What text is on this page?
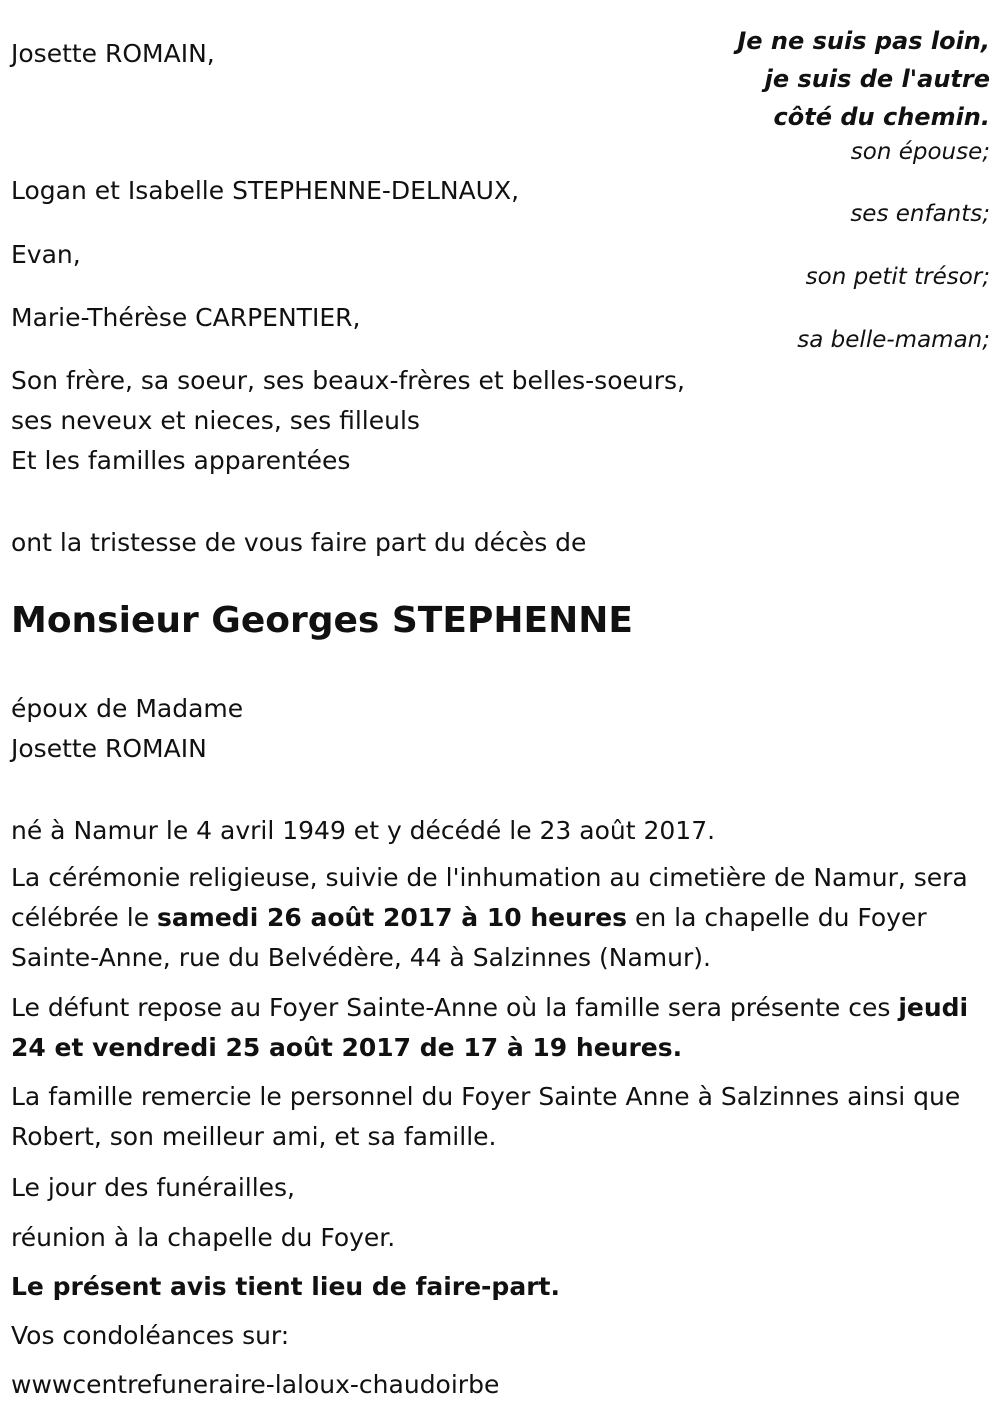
Je ne suis pas loin,
je suis de l'autre
côté du chemin.
Josette ROMAIN,
son épouse;
Logan et Isabelle STEPHENNE-DELNAUX,
ses enfants;
Evan,
son petit trésor;
Marie-Thérèse CARPENTIER,
sa belle-maman;
Son frère, sa soeur, ses beaux-frères et belles-soeurs,
ses neveux et nieces, ses filleuls
Et les familles apparentées
ont la tristesse de vous faire part du décès de
Monsieur Georges STEPHENNE
époux de Madame
Josette ROMAIN
né à Namur le 4 avril 1949 et y décédé le 23 août 2017.
La cérémonie religieuse, suivie de l'inhumation au cimetière de Namur, sera célébrée le samedi 26 août 2017 à 10 heures en la chapelle du Foyer Sainte-Anne, rue du Belvédère, 44 à Salzinnes (Namur).
Le défunt repose au Foyer Sainte-Anne où la famille sera présente ces jeudi 24 et vendredi 25 août 2017 de 17 à 19 heures.
La famille remercie le personnel du Foyer Sainte Anne à Salzinnes ainsi que Robert, son meilleur ami, et sa famille.
Le jour des funérailles,
réunion à la chapelle du Foyer.
Le présent avis tient lieu de faire-part.
Vos condoléances sur:
wwwcentrefuneraire-laloux-chaudoirbe
